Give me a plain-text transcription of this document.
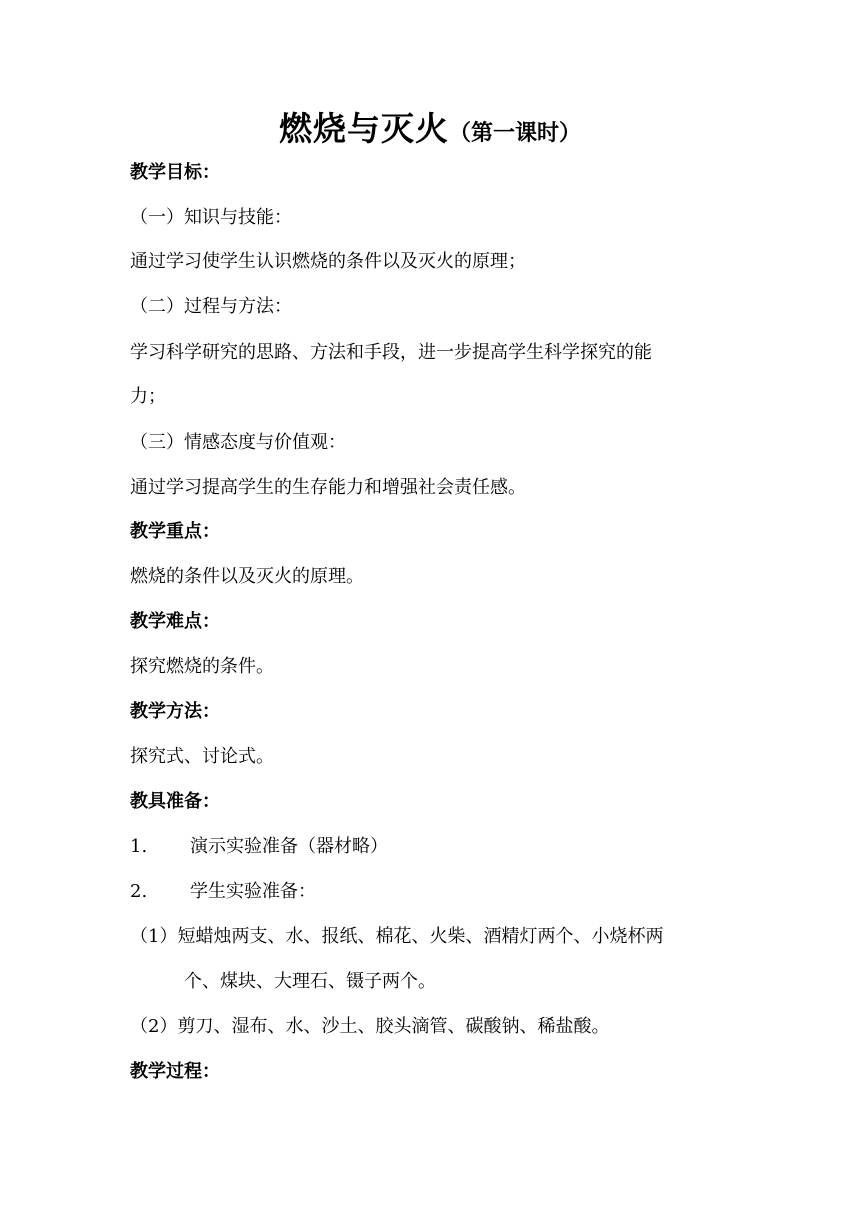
燃烧与灭火（第一课时）
教学目标：
（一）知识与技能：
通过学习使学生认识燃烧的条件以及灭火的原理；
（二）过程与方法：
学习科学研究的思路、方法和手段，进一步提高学生科学探究的能
力；
（三）情感态度与价值观：
通过学习提高学生的生存能力和增强社会责任感。
教学重点：
燃烧的条件以及灭火的原理。
教学难点：
探究燃烧的条件。
教学方法：
探究式、讨论式。
教具准备：
1. 演示实验准备（器材略）
2. 学生实验准备：
（1）短蜡烛两支、水、报纸、棉花、火柴、酒精灯两个、小烧杯两
个、煤块、大理石、镊子两个。
（2）剪刀、湿布、水、沙土、胶头滴管、碳酸钠、稀盐酸。
教学过程：
